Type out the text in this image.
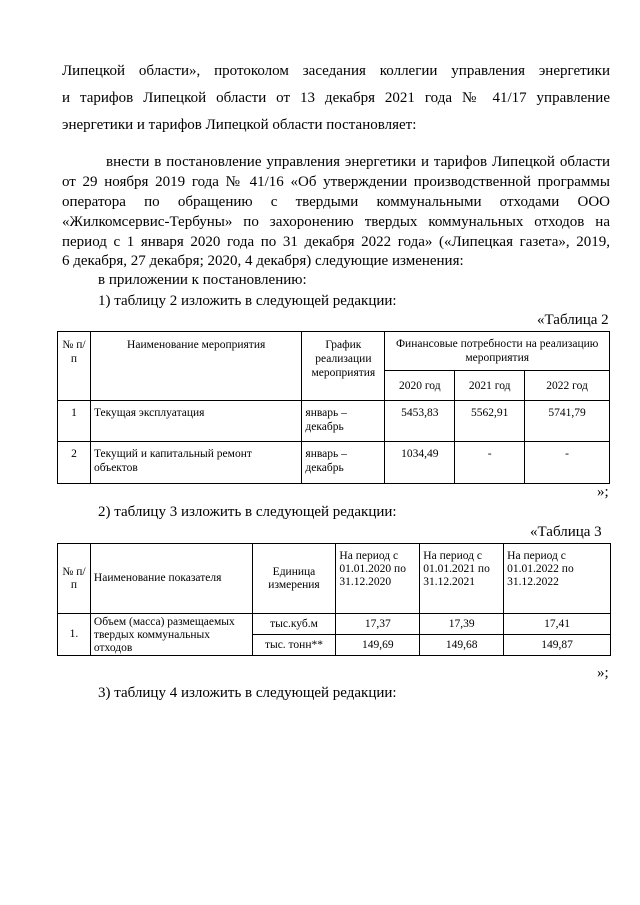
Липецкой области», протоколом заседания коллегии управления энергетики
и тарифов Липецкой области от 13 декабря 2021 года № 41/17 управление
энергетики и тарифов Липецкой области постановляет:
внести в постановление управления энергетики и тарифов Липецкой области
от 29 ноября 2019 года № 41/16 «Об утверждении производственной программы
оператора по обращению с твердыми коммунальными отходами ООО
«Жилкомсервис-Тербуны» по захоронению твердых коммунальных отходов на
период с 1 января 2020 года по 31 декабря 2022 года» («Липецкая газета», 2019,
6 декабря, 27 декабря; 2020, 4 декабря) следующие изменения:
в приложении к постановлению:
1) таблицу 2 изложить в следующей редакции:
«Таблица 2
№ п/п	Наименование мероприятия	График реализации мероприятия	Финансовые потребности на реализацию мероприятия		
			2020 год	2021 год	2022 год
1	Текущая эксплуатация	январь – декабрь	5453,83	5562,91	5741,79
2	Текущий и капитальный ремонт объектов	январь – декабрь	1034,49	-	-
»;
2) таблицу 3 изложить в следующей редакции:
«Таблица 3
№ п/п	Наименование показателя	Единица измерения	На период с 01.01.2020 по 31.12.2020	На период с 01.01.2021 по 31.12.2021	На период с 01.01.2022 по 31.12.2022
1.	Объем (масса) размещаемых твердых коммунальных отходов	тыс.куб.м	17,37	17,39	17,41
		тыс. тонн**	149,69	149,68	149,87
»;
3) таблицу 4 изложить в следующей редакции:
